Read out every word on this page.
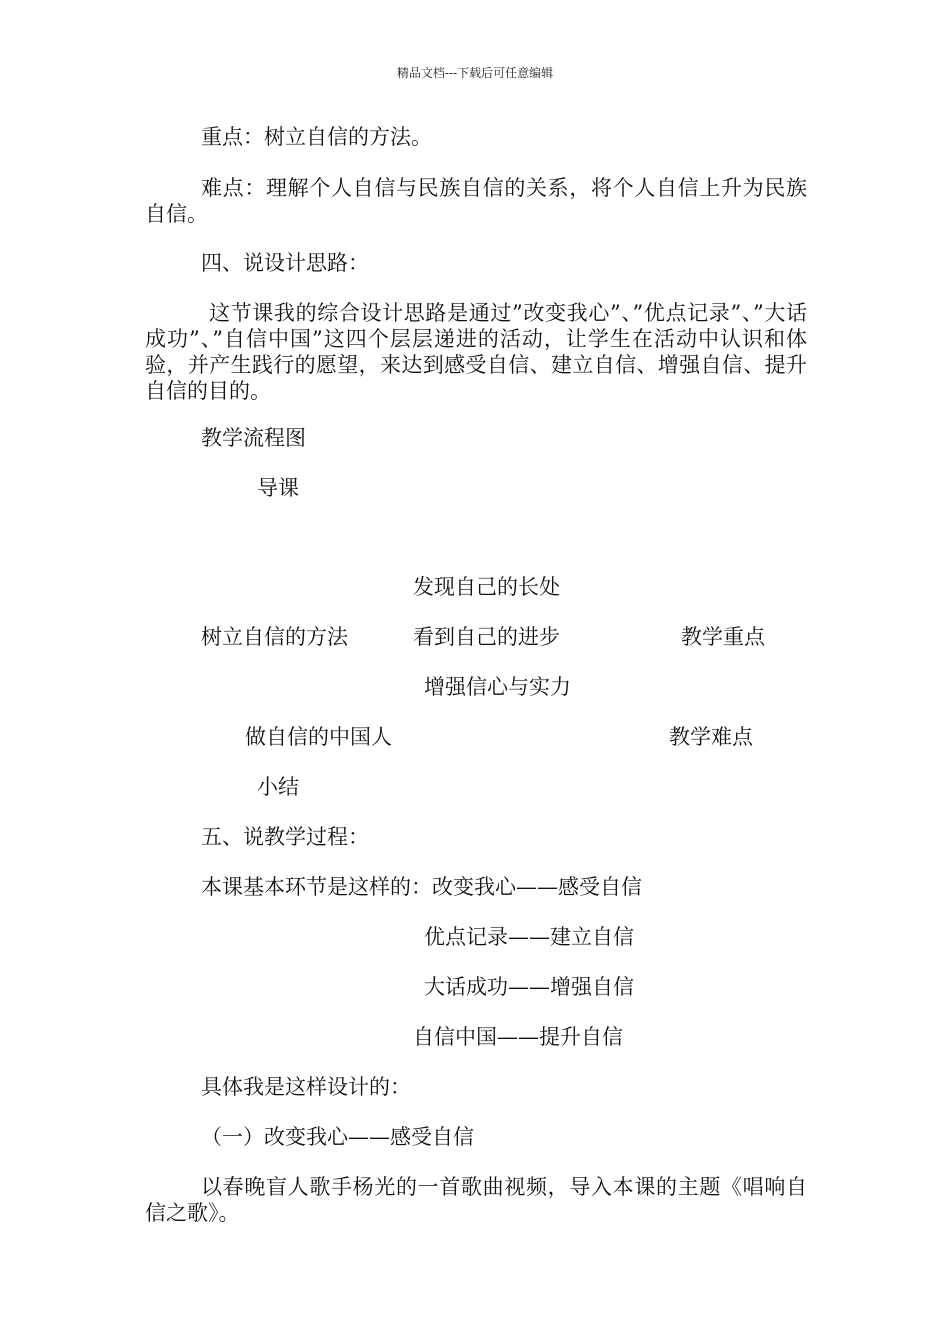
精品文档---下载后可任意编辑
重点：树立自信的方法。
难点：理解个人自信与民族自信的关系，将个人自信上升为民族自信。
四、说设计思路：
这节课我的综合设计思路是通过”改变我心”、”优点记录”、”大话成功”、”自信中国”这四个层层递进的活动，让学生在活动中认识和体验，并产生践行的愿望，来达到感受自信、建立自信、增强自信、提升自信的目的。
教学流程图
导课
发现自己的长处
树立自信的方法	看到自己的进步	教学重点
增强信心与实力
做自信的中国人	教学难点
小结
五、说教学过程：
本课基本环节是这样的：改变我心——感受自信
优点记录——建立自信
大话成功——增强自信
自信中国——提升自信
具体我是这样设计的：
（一）改变我心——感受自信
以春晚盲人歌手杨光的一首歌曲视频，导入本课的主题《唱响自信之歌》。
